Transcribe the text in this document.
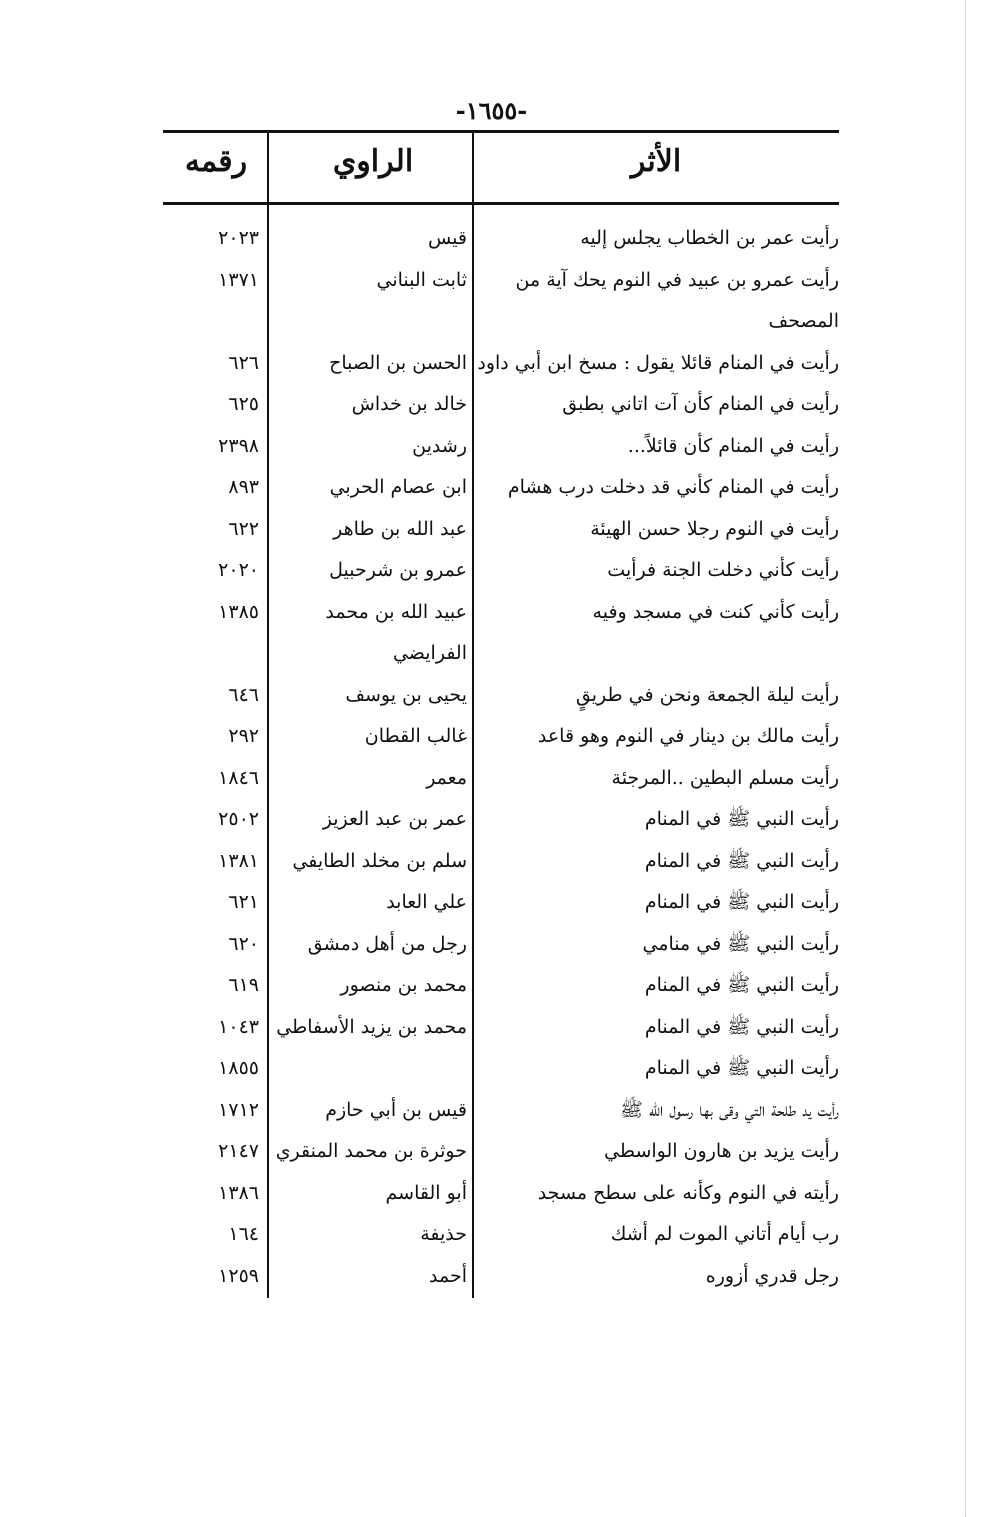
-١٦٥٥-
الأثر
الراوي
رقمه
رأيت عمر بن الخطاب يجلس إليه
قيس
٢٠٢٣
رأيت عمرو بن عبيد في النوم يحك آية من
ثابت البناني
١٣٧١
المصحف
رأيت في المنام قائلا يقول : مسخ ابن أبي داود
الحسن بن الصباح
٦٢٦
رأيت في المنام كأن آت اتاني بطبق
خالد بن خداش
٦٢٥
رأيت في المنام كأن قائلاً...
رشدين
٢٣٩٨
رأيت في المنام كأني قد دخلت درب هشام
ابن عصام الحربي
٨٩٣
رأيت في النوم رجلا حسن الهيئة
عبد الله بن طاهر
٦٢٢
رأيت كأني دخلت الجنة فرأيت
عمرو بن شرحبيل
٢٠٢٠
رأيت كأني كنت في مسجد وفيه
عبيد الله بن محمد
١٣٨٥
الفرايضي
رأيت ليلة الجمعة ونحن في طريقٍ
يحيى بن يوسف
٦٤٦
رأيت مالك بن دينار في النوم وهو قاعد
غالب القطان
٢٩٢
رأيت مسلم البطين ..المرجئة
معمر
١٨٤٦
رأيت النبي ﷺ في المنام
عمر بن عبد العزيز
٢٥٠٢
رأيت النبي ﷺ في المنام
سلم بن مخلد الطايفي
١٣٨١
رأيت النبي ﷺ في المنام
علي العابد
٦٢١
رأيت النبي ﷺ في منامي
رجل من أهل دمشق
٦٢٠
رأيت النبي ﷺ في المنام
محمد بن منصور
٦١٩
رأيت النبي ﷺ في المنام
محمد بن يزيد الأسفاطي
١٠٤٣
رأيت النبي ﷺ في المنام
١٨٥٥
رأيت يد طلحة التي وقى بها رسول الله ﷺ
قيس بن أبي حازم
١٧١٢
رأيت يزيد بن هارون الواسطي
حوثرة بن محمد المنقري
٢١٤٧
رأيته في النوم وكأنه على سطح مسجد
أبو القاسم
١٣٨٦
رب أيام أتاني الموت لم أشك
حذيفة
١٦٤
رجل قدري أزوره
أحمد
١٢٥٩
